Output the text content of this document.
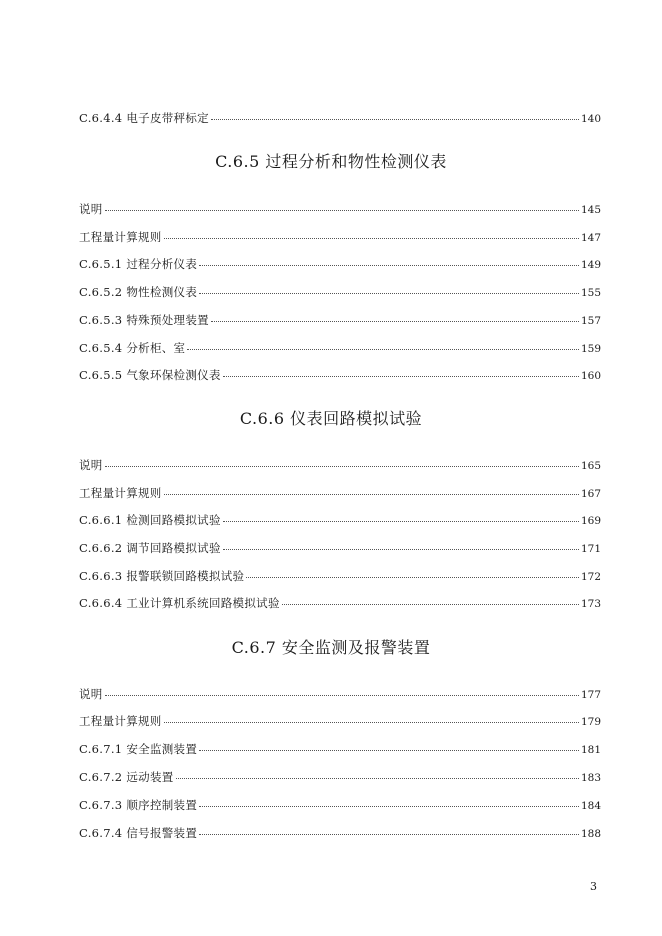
C.6.4.4 电子皮带秤标定	140
C.6.5 过程分析和物性检测仪表
说明	145
工程量计算规则	147
C.6.5.1 过程分析仪表	149
C.6.5.2 物性检测仪表	155
C.6.5.3 特殊预处理装置	157
C.6.5.4 分析柜、室	159
C.6.5.5 气象环保检测仪表	160
C.6.6 仪表回路模拟试验
说明	165
工程量计算规则	167
C.6.6.1 检测回路模拟试验	169
C.6.6.2 调节回路模拟试验	171
C.6.6.3 报警联锁回路模拟试验	172
C.6.6.4 工业计算机系统回路模拟试验	173
C.6.7 安全监测及报警装置
说明	177
工程量计算规则	179
C.6.7.1 安全监测装置	181
C.6.7.2 远动装置	183
C.6.7.3 顺序控制装置	184
C.6.7.4 信号报警装置	188
3
